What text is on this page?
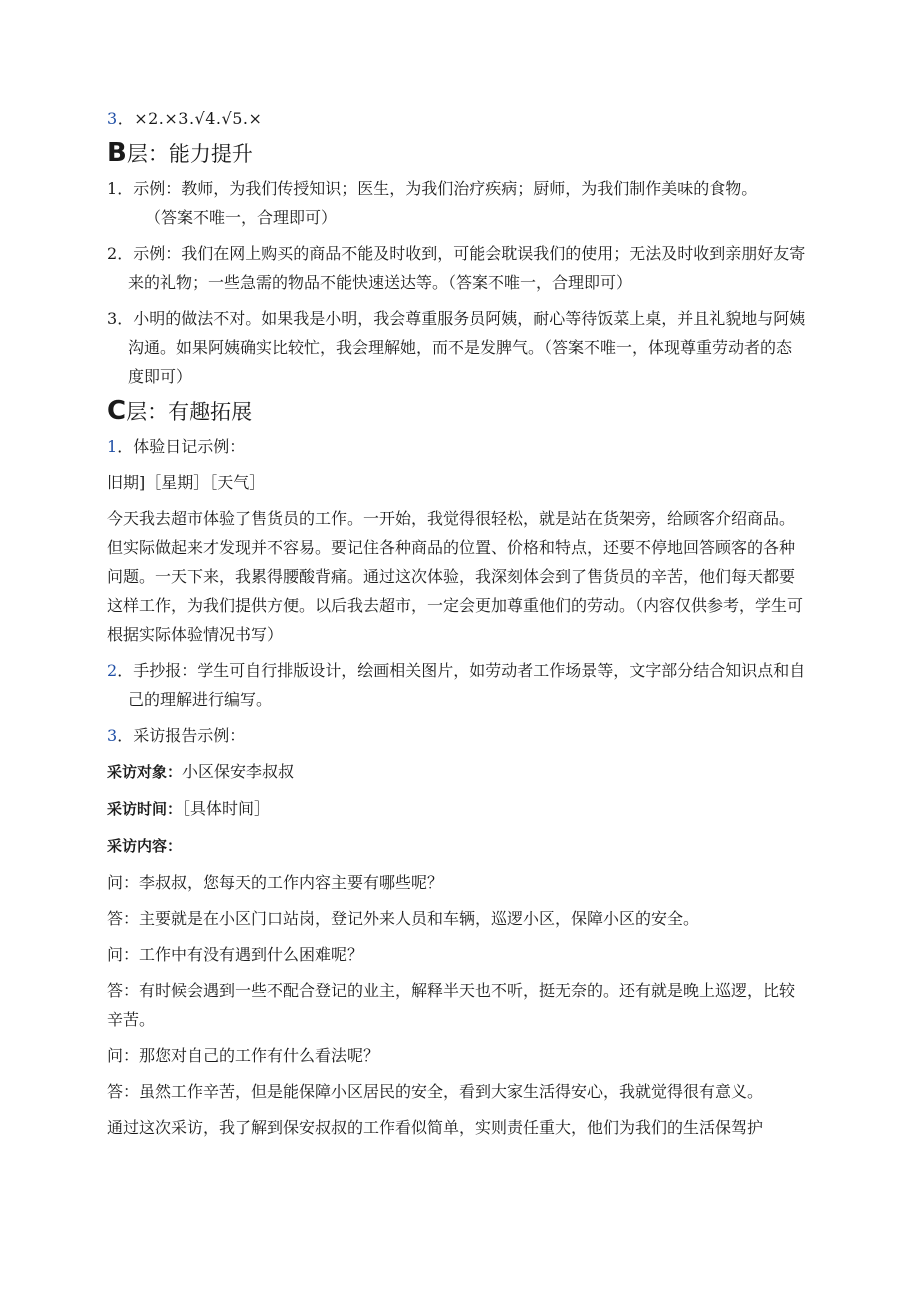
3．×2.×3.√4.√5.×

B层：能力提升

1．示例：教师，为我们传授知识；医生，为我们治疗疾病；厨师，为我们制作美味的食物。

（答案不唯一，合理即可）

2．示例：我们在网上购买的商品不能及时收到，可能会耽误我们的使用；无法及时收到亲朋好友寄来的礼物；一些急需的物品不能快速送达等。（答案不唯一，合理即可）

3．小明的做法不对。如果我是小明，我会尊重服务员阿姨，耐心等待饭菜上桌，并且礼貌地与阿姨沟通。如果阿姨确实比较忙，我会理解她，而不是发脾气。（答案不唯一，体现尊重劳动者的态度即可）

C层：有趣拓展

1．体验日记示例：

旧期]［星期］［天气］

今天我去超市体验了售货员的工作。一开始，我觉得很轻松，就是站在货架旁，给顾客介绍商品。但实际做起来才发现并不容易。要记住各种商品的位置、价格和特点，还要不停地回答顾客的各种问题。一天下来，我累得腰酸背痛。通过这次体验，我深刻体会到了售货员的辛苦，他们每天都要这样工作，为我们提供方便。以后我去超市，一定会更加尊重他们的劳动。（内容仅供参考，学生可根据实际体验情况书写）

2．手抄报：学生可自行排版设计，绘画相关图片，如劳动者工作场景等，文字部分结合知识点和自己的理解进行编写。

3．采访报告示例：

采访对象：小区保安李叔叔

采访时间：［具体时间］

采访内容：

问：李叔叔，您每天的工作内容主要有哪些呢？

答：主要就是在小区门口站岗，登记外来人员和车辆，巡逻小区，保障小区的安全。

问：工作中有没有遇到什么困难呢？

答：有时候会遇到一些不配合登记的业主，解释半天也不听，挺无奈的。还有就是晚上巡逻，比较辛苦。

问：那您对自己的工作有什么看法呢？

答：虽然工作辛苦，但是能保障小区居民的安全，看到大家生活得安心，我就觉得很有意义。

通过这次采访，我了解到保安叔叔的工作看似简单，实则责任重大，他们为我们的生活保驾护
